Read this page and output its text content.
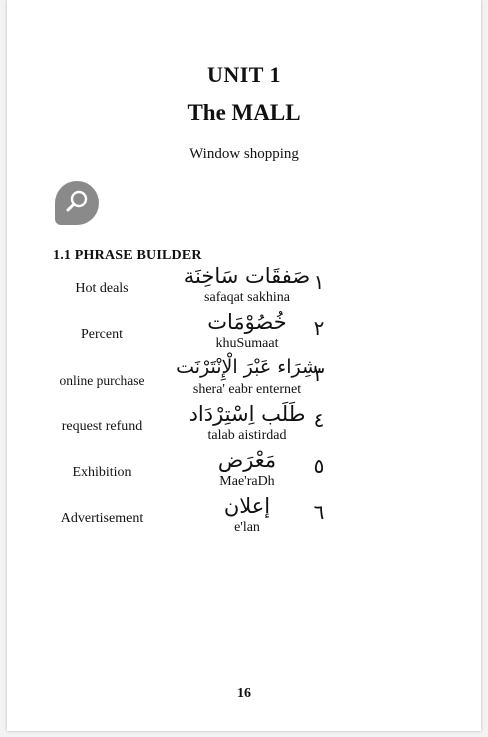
UNIT 1
The MALL
Window shopping
1.1 PHRASE BUILDER
Hot deals
صَفقَات سَاخِنَة
safaqat sakhina
١
Percent
خُصُوْمَات
khuSumaat
٢
online purchase
شِرَاء عَبْرَ الْإِنْتَرْنَت
shera' eabr enternet
٣
request refund
طَلَب اِسْتِرْدَاد
talab aistirdad
٤
Exhibition
مَعْرَض
Mae'raDh
٥
Advertisement
إعلان
e'lan
٦
16
